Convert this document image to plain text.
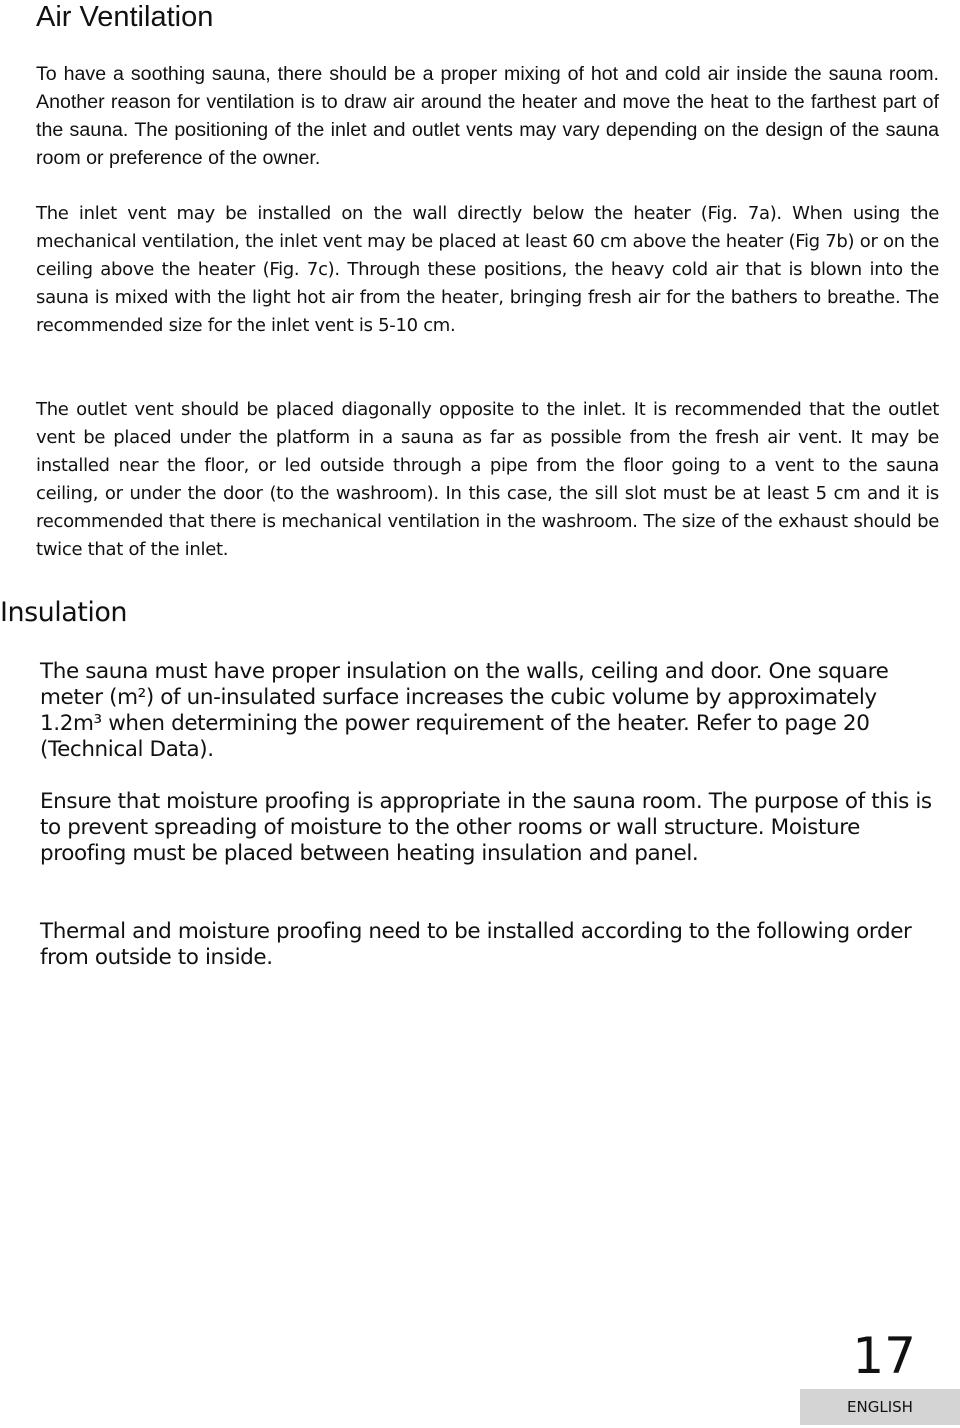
Air Ventilation

To have a soothing sauna, there should be a proper mixing of hot and cold air inside the sauna room. Another reason for ventilation is to draw air around the heater and move the heat to the farthest part of the sauna. The positioning of the inlet and outlet vents may vary depending on the design of the sauna room or preference of the owner.

The inlet vent may be installed on the wall directly below the heater (Fig. 7a). When using the mechanical ventilation, the inlet vent may be placed at least 60 cm above the heater (Fig 7b) or on the ceiling above the heater (Fig. 7c). Through these positions, the heavy cold air that is blown into the sauna is mixed with the light hot air from the heater, bringing fresh air for the bathers to breathe. The recommended size for the inlet vent is 5-10 cm.

The outlet vent should be placed diagonally opposite to the inlet. It is recommended that the outlet vent be placed under the platform in a sauna as far as possible from the fresh air vent. It may be installed near the floor, or led outside through a pipe from the floor going to a vent to the sauna ceiling, or under the door (to the washroom). In this case, the sill slot must be at least 5 cm and it is recommended that there is mechanical ventilation in the washroom. The size of the exhaust should be twice that of the inlet.

Insulation

The sauna must have proper insulation on the walls, ceiling and door. One square meter (m²) of un-insulated surface increases the cubic volume by approximately 1.2m³ when determining the power requirement of the heater. Refer to page 20 (Technical Data).

Ensure that moisture proofing is appropriate in the sauna room. The purpose of this is to prevent spreading of moisture to the other rooms or wall structure. Moisture proofing must be placed between heating insulation and panel.

Thermal and moisture proofing need to be installed according to the following order from outside to inside.

17
ENGLISH
